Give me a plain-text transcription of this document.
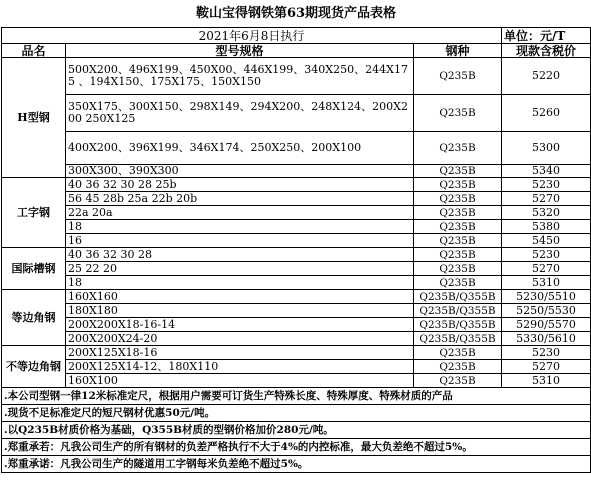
鞍山宝得钢铁第63期现货产品表格			
2021年6月8日执行			单位：元/T
品名	型号规格	钢种	现款含税价
H型钢	500X200、496X199、450X00、446X199、340X250、244X175 、194X150、175X175、150X150	Q235B	5220
	350X175、300X150、298X149、294X200、248X124、200X200 250X125	Q235B	5260
	400X200、396X199、346X174、250X250、200X100	Q235B	5300
	300X300、390X300	Q235B	5340
工字钢	40 36 32 30 28 25b	Q235B	5230
	56 45 28b 25a 22b 20b	Q235B	5270
	22a 20a	Q235B	5320
	18	Q235B	5380
	16	Q235B	5450
国际槽钢	40 36 32 30 28	Q235B	5230
	25 22 20	Q235B	5270
	18	Q235B	5310
等边角钢	160X160	Q235B/Q355B	5230/5510
	180X180	Q235B/Q355B	5250/5530
	200X200X18-16-14	Q235B/Q355B	5290/5570
	200X200X24-20	Q235B/Q355B	5330/5610
不等边角钢	200X125X18-16	Q235B	5230
	200X125X14-12、180X110	Q235B	5270
	160X100	Q235B	5310
.本公司型钢一律12米标准定尺，根据用户需要可订货生产特殊长度、特殊厚度、特殊材质的产品			
.现货不足标准定尺的短尺钢材优惠50元/吨。			
.以Q235B材质价格为基础，Q355B材质的型钢价格加价280元/吨。			
.郑重承若：凡我公司生产的所有钢材的负差严格执行不大于4%的内控标准，最大负差绝不超过5%。			
.郑重承诺：凡我公司生产的隧道用工字钢每米负差绝不超过5%。			
